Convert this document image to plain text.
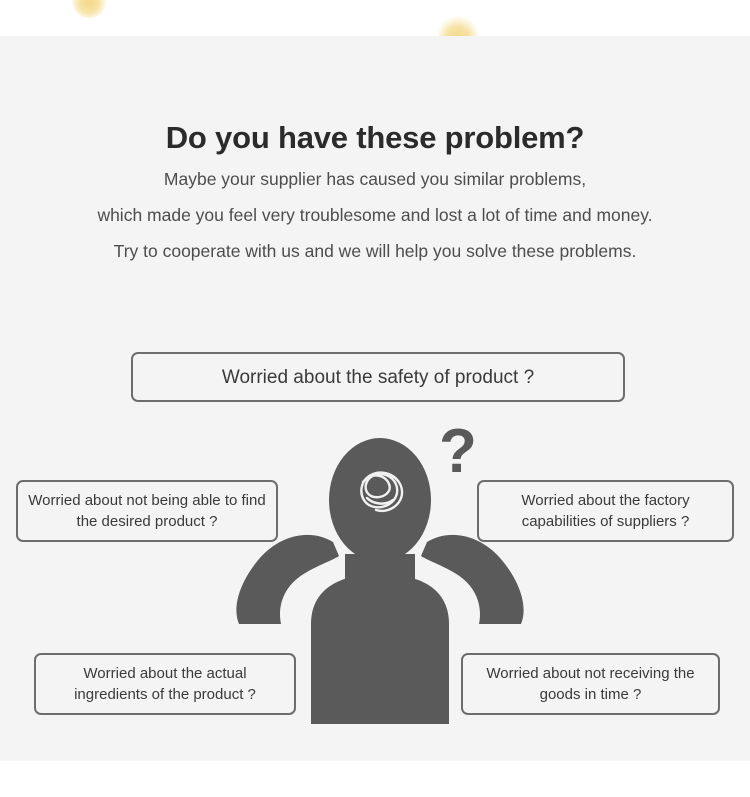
Do you have these problem?
Maybe your supplier has caused you similar problems,
which made you feel very troublesome and lost a lot of time and money.
Try to cooperate with us and we will help you solve these problems.
?
Worried about the safety of product ?
Worried about not being able to find the desired product ?
Worried about the factory capabilities of suppliers ?
Worried about the actual ingredients of the product ?
Worried about not receiving the goods in time ?
